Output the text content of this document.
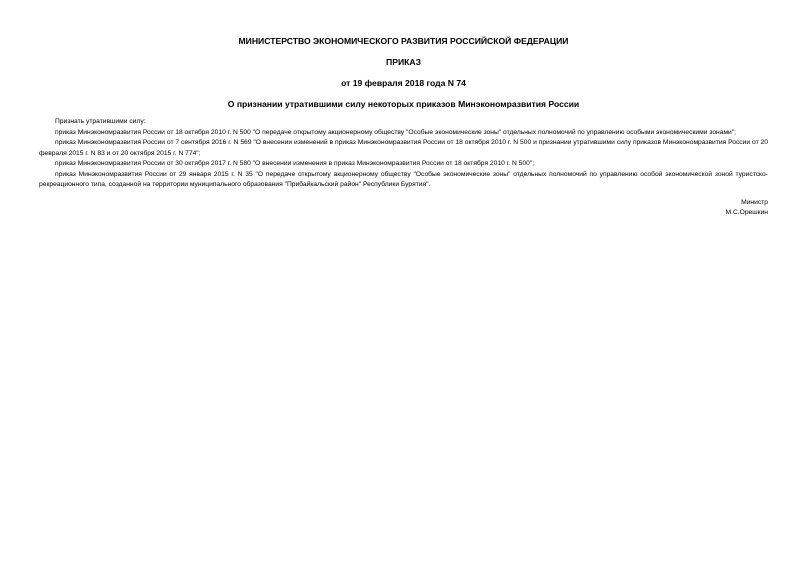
МИНИСТЕРСТВО ЭКОНОМИЧЕСКОГО РАЗВИТИЯ РОССИЙСКОЙ ФЕДЕРАЦИИ
ПРИКАЗ
от 19 февраля 2018 года N 74
О признании утратившими силу некоторых приказов Минэкономразвития России

Признать утратившими силу:

приказ Минэкономразвития России от 18 октября 2010 г. N 500 "О передаче открытому акционерному обществу "Особые экономические зоны" отдельных полномочий по управлению особыми экономическими зонами";

приказ Минэкономразвития России от 7 сентября 2016 г. N 569 "О внесении изменений в приказ Минэкономразвития России от 18 октября 2010 г. N 500 и признании утратившими силу приказов Минэкономразвития России от 20 февраля 2015 г. N 83 и от 20 октября 2015 г. N 774";

приказ Минэкономразвития России от 30 октября 2017 г. N 580 "О внесении изменения в приказ Минэкономразвития России от 18 октября 2010 г. N 500";

приказ Минэкономразвития России от 29 января 2015 г. N 35 "О передаче открытому акционерному обществу "Особые экономические зоны" отдельных полномочий по управлению особой экономической зоной туристско-рекреационного типа, созданной на территории муниципального образования "Прибайкальский район" Республики Бурятия".

Министр
М.С.Орешкин
